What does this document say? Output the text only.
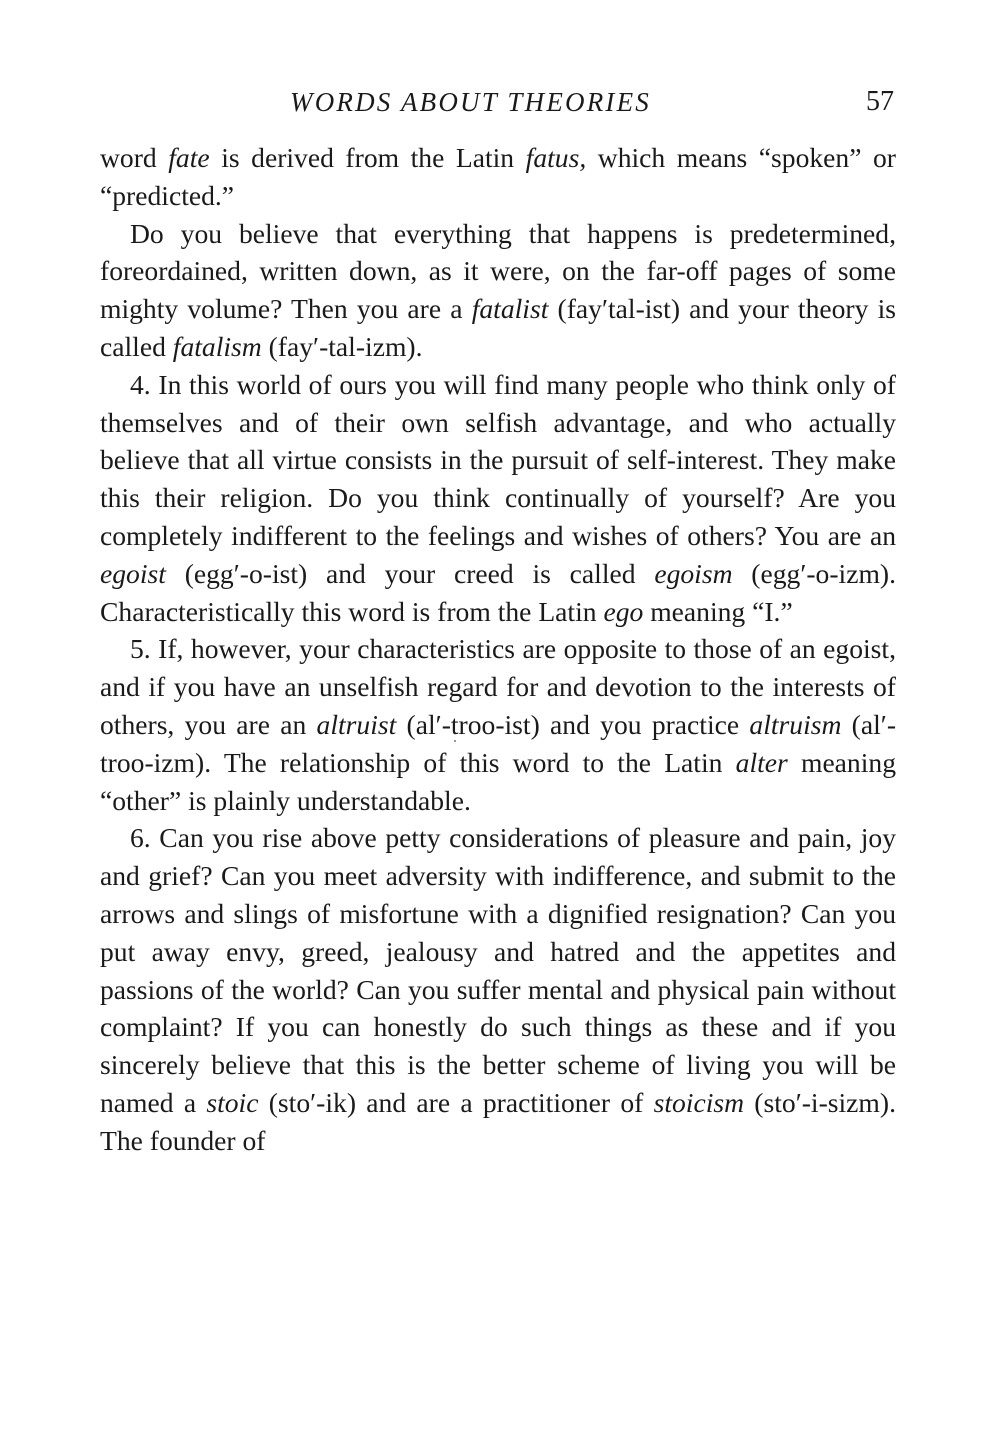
WORDS ABOUT THEORIES	57

word fate is derived from the Latin fatus, which means “spoken” or “predicted.”

Do you believe that everything that happens is predetermined, foreordained, written down, as it were, on the far-off pages of some mighty volume? Then you are a fatalist (fay′tal-ist) and your theory is called fatalism (fay′-tal-izm).

4. In this world of ours you will find many people who think only of themselves and of their own selfish advantage, and who actually believe that all virtue consists in the pursuit of self-interest. They make this their religion. Do you think continually of yourself? Are you completely indifferent to the feelings and wishes of others? You are an egoist (egg′-o-ist) and your creed is called egoism (egg′-o-izm). Characteristically this word is from the Latin ego meaning “I.”

5. If, however, your characteristics are opposite to those of an egoist, and if you have an unselfish regard for and devotion to the interests of others, you are an altruist (al′-troo-ist) and you practice altruism (al′-troo-izm). The relationship of this word to the Latin alter meaning “other” is plainly understandable.

6. Can you rise above petty considerations of pleasure and pain, joy and grief? Can you meet adversity with indifference, and submit to the arrows and slings of misfortune with a dignified resignation? Can you put away envy, greed, jealousy and hatred and the appetites and passions of the world? Can you suffer mental and physical pain without complaint? If you can honestly do such things as these and if you sincerely believe that this is the better scheme of living you will be named a stoic (sto′-ik) and are a practitioner of stoicism (sto′-i-sizm). The founder of
